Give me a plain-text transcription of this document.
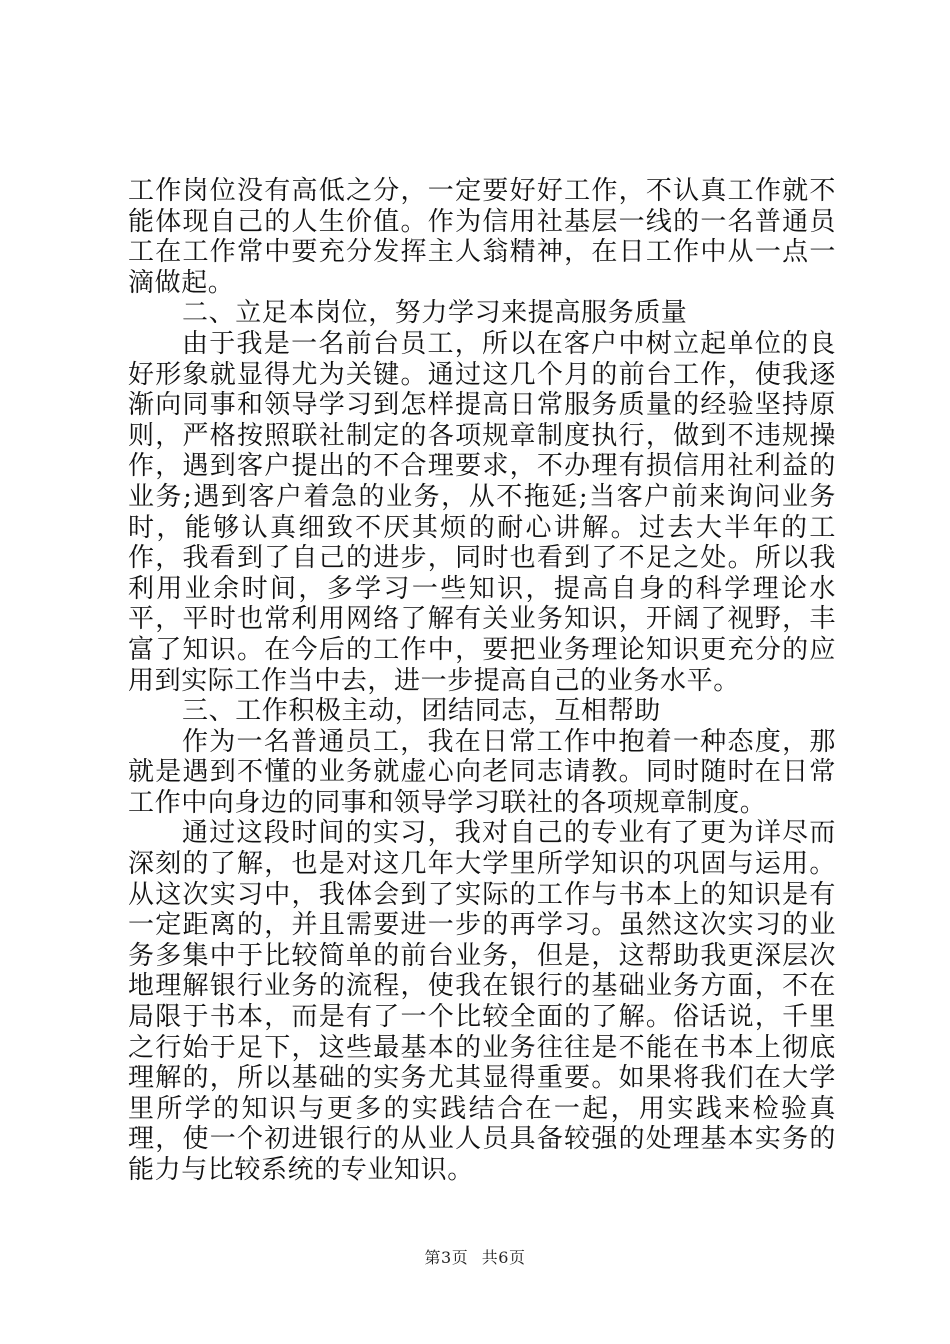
工作岗位没有高低之分，一定要好好工作，不认真工作就不能体现自己的人生价值。作为信用社基层一线的一名普通员工在工作常中要充分发挥主人翁精神，在日工作中从一点一滴做起。

二、立足本岗位，努力学习来提高服务质量

由于我是一名前台员工，所以在客户中树立起单位的良好形象就显得尤为关键。通过这几个月的前台工作，使我逐渐向同事和领导学习到怎样提高日常服务质量的经验坚持原则，严格按照联社制定的各项规章制度执行，做到不违规操作，遇到客户提出的不合理要求，不办理有损信用社利益的业务;遇到客户着急的业务，从不拖延;当客户前来询问业务时，能够认真细致不厌其烦的耐心讲解。过去大半年的工作，我看到了自己的进步，同时也看到了不足之处。所以我利用业余时间，多学习一些知识，提高自身的科学理论水平，平时也常利用网络了解有关业务知识，开阔了视野，丰富了知识。在今后的工作中，要把业务理论知识更充分的应用到实际工作当中去，进一步提高自己的业务水平。

三、工作积极主动，团结同志，互相帮助

作为一名普通员工，我在日常工作中抱着一种态度，那就是遇到不懂的业务就虚心向老同志请教。同时随时在日常工作中向身边的同事和领导学习联社的各项规章制度。

通过这段时间的实习，我对自己的专业有了更为详尽而深刻的了解，也是对这几年大学里所学知识的巩固与运用。从这次实习中，我体会到了实际的工作与书本上的知识是有一定距离的，并且需要进一步的再学习。虽然这次实习的业务多集中于比较简单的前台业务，但是，这帮助我更深层次地理解银行业务的流程，使我在银行的基础业务方面，不在局限于书本，而是有了一个比较全面的了解。俗话说，千里之行始于足下，这些最基本的业务往往是不能在书本上彻底理解的，所以基础的实务尤其显得重要。如果将我们在大学里所学的知识与更多的实践结合在一起，用实践来检验真理，使一个初进银行的从业人员具备较强的处理基本实务的能力与比较系统的专业知识。

第3页 共6页
